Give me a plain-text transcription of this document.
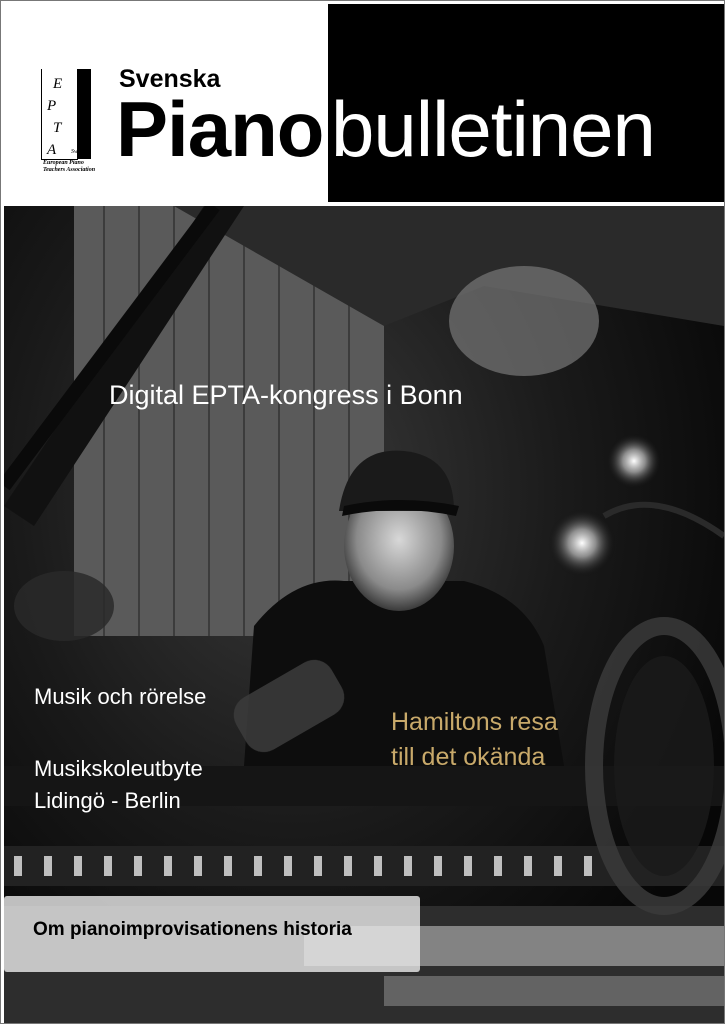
E
P
T
A	Sweden
European Piano Teachers Association
Svenska
Piano bulletinen
Tidningen om pianospel och pianoundervisning - nr. 1 2021
Digital EPTA-kongress i Bonn
Musik och rörelse
Musikskoleutbyte
Lidingö - Berlin
Hamiltons resa
till det okända
Om pianoimprovisationens historia
